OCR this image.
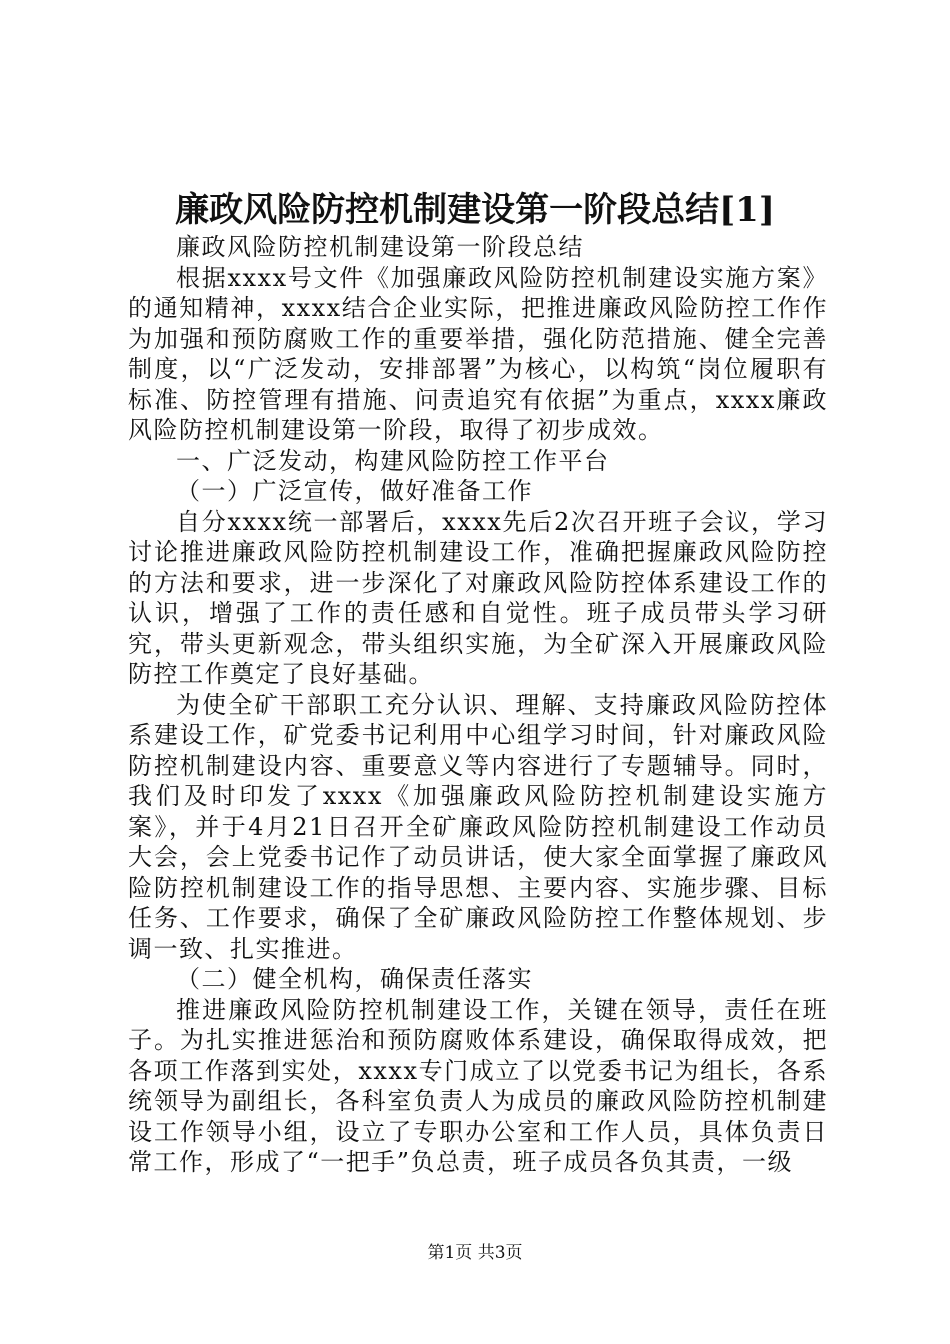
廉政风险防控机制建设第一阶段总结[1]

廉政风险防控机制建设第一阶段总结

根据xxxx号文件《加强廉政风险防控机制建设实施方案》的通知精神，xxxx结合企业实际，把推进廉政风险防控工作作为加强和预防腐败工作的重要举措，强化防范措施、健全完善制度，以“广泛发动，安排部署”为核心，以构筑“岗位履职有标准、防控管理有措施、问责追究有依据”为重点，xxxx廉政风险防控机制建设第一阶段，取得了初步成效。

一、广泛发动，构建风险防控工作平台

（一）广泛宣传，做好准备工作

自分xxxx统一部署后，xxxx先后2次召开班子会议，学习讨论推进廉政风险防控机制建设工作，准确把握廉政风险防控的方法和要求，进一步深化了对廉政风险防控体系建设工作的认识，增强了工作的责任感和自觉性。班子成员带头学习研究，带头更新观念，带头组织实施，为全矿深入开展廉政风险防控工作奠定了良好基础。

为使全矿干部职工充分认识、理解、支持廉政风险防控体系建设工作，矿党委书记利用中心组学习时间，针对廉政风险防控机制建设内容、重要意义等内容进行了专题辅导。同时，我们及时印发了xxxx《加强廉政风险防控机制建设实施方案》，并于4月21日召开全矿廉政风险防控机制建设工作动员大会，会上党委书记作了动员讲话，使大家全面掌握了廉政风险防控机制建设工作的指导思想、主要内容、实施步骤、目标任务、工作要求，确保了全矿廉政风险防控工作整体规划、步调一致、扎实推进。

（二）健全机构，确保责任落实

推进廉政风险防控机制建设工作，关键在领导，责任在班子。为扎实推进惩治和预防腐败体系建设，确保取得成效，把各项工作落到实处，xxxx专门成立了以党委书记为组长，各系统领导为副组长，各科室负责人为成员的廉政风险防控机制建设工作领导小组，设立了专职办公室和工作人员，具体负责日常工作，形成了“一把手”负总责，班子成员各负其责，一级

第1页 共3页
